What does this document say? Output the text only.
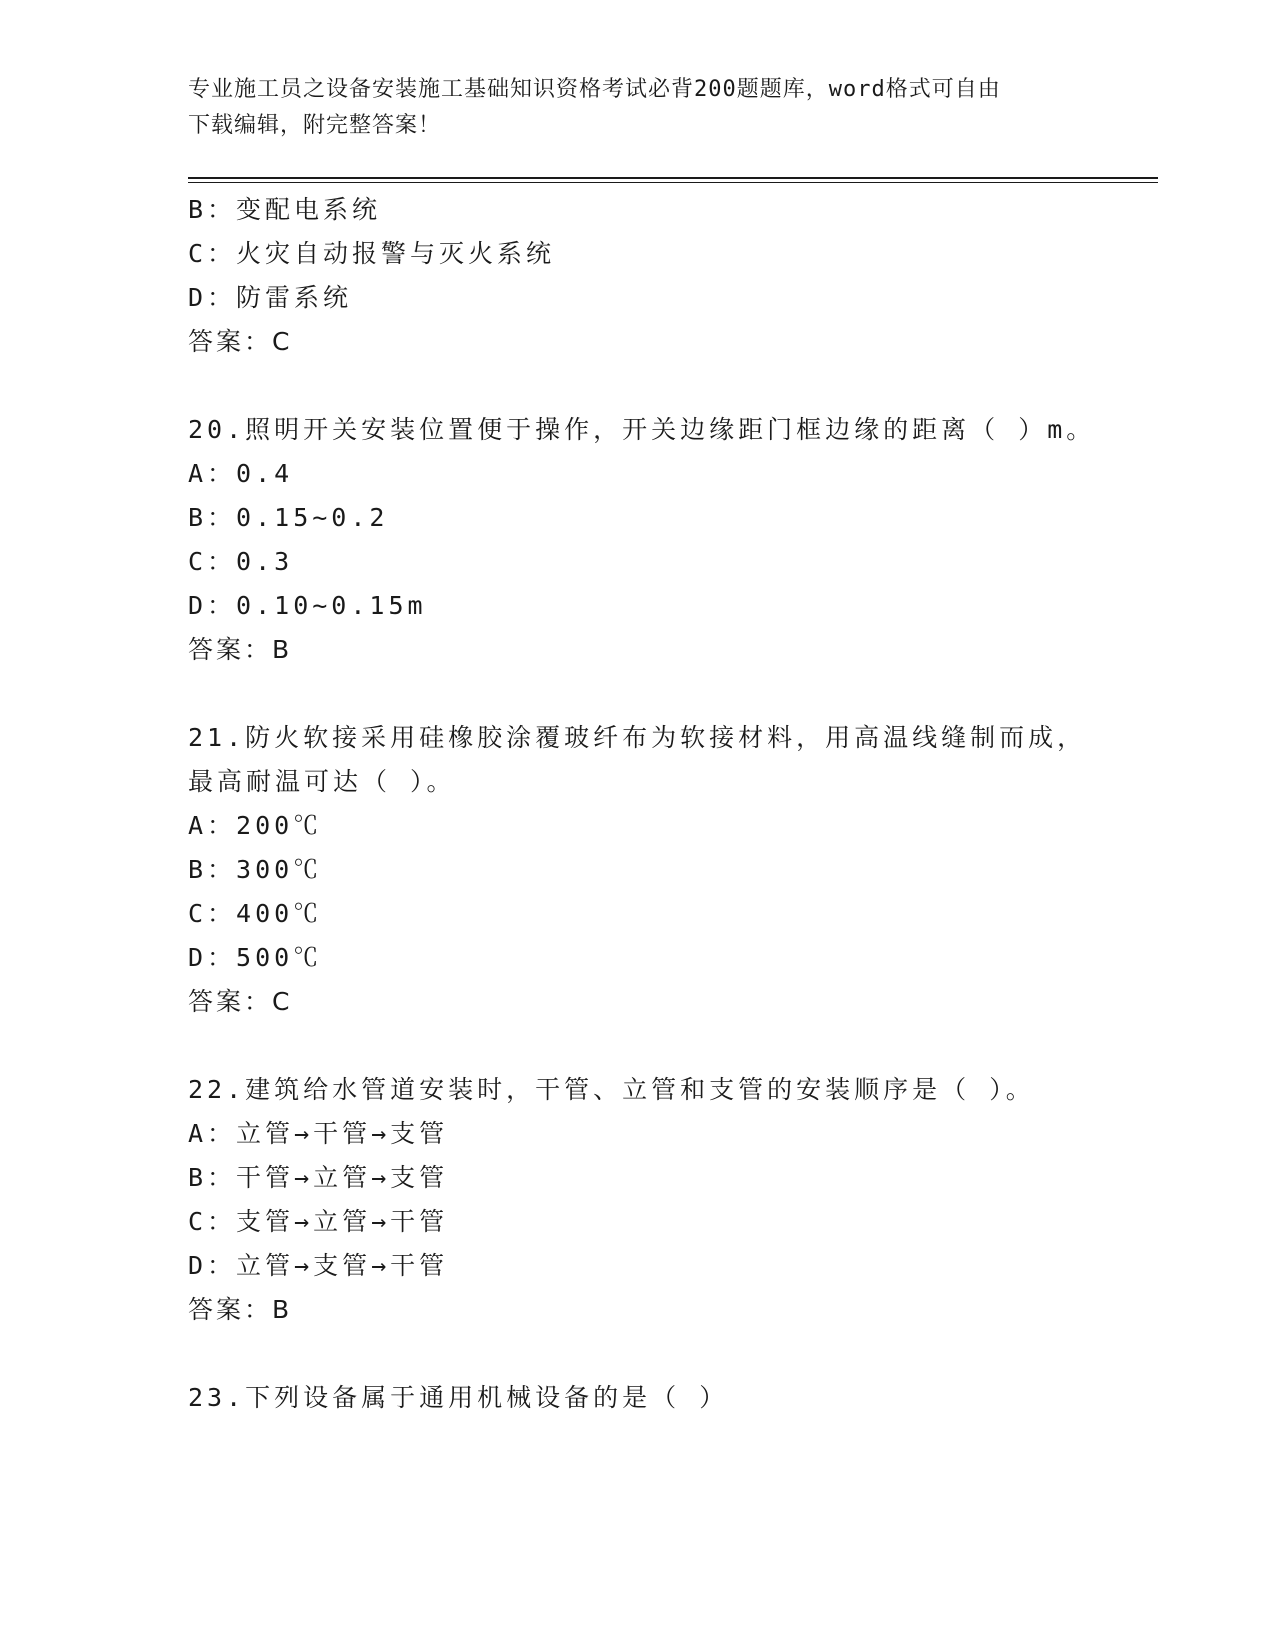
专业施工员之设备安装施工基础知识资格考试必背200题题库，word格式可自由
下载编辑，附完整答案！
B：变配电系统
C：火灾自动报警与灭火系统
D：防雷系统
答案：C
20.照明开关安装位置便于操作，开关边缘距门框边缘的距离（ ）m。
A：0.4
B：0.15~0.2
C：0.3
D：0.10~0.15m
答案：B
21.防火软接采用硅橡胶涂覆玻纤布为软接材料，用高温线缝制而成，
最高耐温可达（ ）。
A：200℃
B：300℃
C：400℃
D：500℃
答案：C
22.建筑给水管道安装时，干管、立管和支管的安装顺序是（ ）。
A：立管→干管→支管
B：干管→立管→支管
C：支管→立管→干管
D：立管→支管→干管
答案：B
23.下列设备属于通用机械设备的是（ ）
